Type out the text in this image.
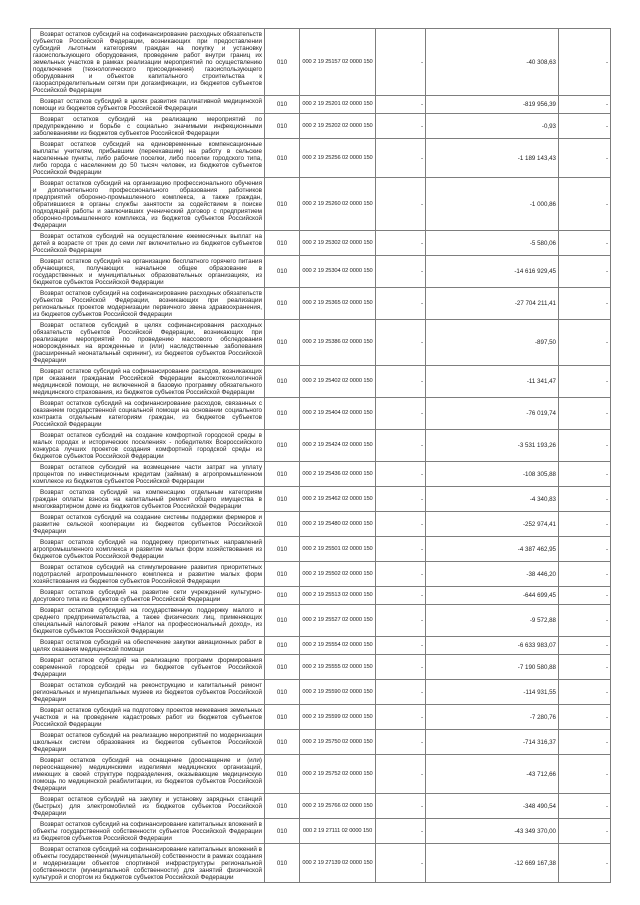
Возврат остатков субсидий на софинансирование расходных обязательств субъектов Российской Федерации, возникающих при предоставлении субсидий льготным категориям граждан на покупку и установку газоиспользующего оборудования, проведение работ внутри границ их земельных участков в рамках реализации мероприятий по осуществлению подключения (технологического присоединения) газоиспользующего оборудования и объектов капитального строительства к газораспределительным сетям при догазификации, из бюджетов субъектов Российской Федерации	010	000 2 19 25157 02 0000 150	-	-40 308,63	-
Возврат остатков субсидий в целях развития паллиативной медицинской помощи из бюджетов субъектов Российской Федерации	010	000 2 19 25201 02 0000 150	-	-819 956,39	-
Возврат остатков субсидий на реализацию мероприятий по предупреждению и борьбе с социально значимыми инфекционными заболеваниями из бюджетов субъектов Российской Федерации	010	000 2 19 25202 02 0000 150	-	-0,93	-
Возврат остатков субсидий на единовременные компенсационные выплаты учителям, прибывшим (переехавшим) на работу в сельские населенные пункты, либо рабочие поселки, либо поселки городского типа, либо города с населением до 50 тысяч человек, из бюджетов субъектов Российской Федерации	010	000 2 19 25256 02 0000 150	-	-1 189 143,43	-
Возврат остатков субсидий на организацию профессионального обучения и дополнительного профессионального образования работников предприятий оборонно-промышленного комплекса, а также граждан, обратившихся в органы службы занятости за содействием в поиске подходящей работы и заключивших ученический договор с предприятием оборонно-промышленного комплекса, из бюджетов субъектов Российской Федерации	010	000 2 19 25260 02 0000 150	-	-1 000,86	-
Возврат остатков субсидий на осуществление ежемесячных выплат на детей в возрасте от трех до семи лет включительно из бюджетов субъектов Российской Федерации	010	000 2 19 25302 02 0000 150	-	-5 580,06	-
Возврат остатков субсидий на организацию бесплатного горячего питания обучающихся, получающих начальное общее образование в государственных и муниципальных образовательных организациях, из бюджетов субъектов Российской Федерации	010	000 2 19 25304 02 0000 150	-	-14 616 929,45	-
Возврат остатков субсидий на софинансирование расходных обязательств субъектов Российской Федерации, возникающих при реализации региональных проектов модернизации первичного звена здравоохранения, из бюджетов субъектов Российской Федерации	010	000 2 19 25365 02 0000 150	-	-27 704 211,41	-
Возврат остатков субсидий в целях софинансирования расходных обязательств субъектов Российской Федерации, возникающих при реализации мероприятий по проведению массового обследования новорожденных на врожденные и (или) наследственные заболевания (расширенный неонатальный скрининг), из бюджетов субъектов Российской Федерации	010	000 2 19 25386 02 0000 150	-	-897,50	-
Возврат остатков субсидий на софинансирование расходов, возникающих при оказании гражданам Российской Федерации высокотехнологичной медицинской помощи, не включенной в базовую программу обязательного медицинского страхования, из бюджетов субъектов Российской Федерации	010	000 2 19 25402 02 0000 150	-	-11 341,47	-
Возврат остатков субсидий на софинансирование расходов, связанных с оказанием государственной социальной помощи на основании социального контракта отдельным категориям граждан, из бюджетов субъектов Российской Федерации	010	000 2 19 25404 02 0000 150	-	-76 019,74	-
Возврат остатков субсидий на создание комфортной городской среды в малых городах и исторических поселениях - победителях Всероссийского конкурса лучших проектов создания комфортной городской среды из бюджетов субъектов Российской Федерации	010	000 2 19 25424 02 0000 150	-	-3 531 193,26	-
Возврат остатков субсидий на возмещение части затрат на уплату процентов по инвестиционным кредитам (займам) в агропромышленном комплексе из бюджетов субъектов Российской Федерации	010	000 2 19 25436 02 0000 150	-	-108 305,88	-
Возврат остатков субсидий на компенсацию отдельным категориям граждан оплаты взноса на капитальный ремонт общего имущества в многоквартирном доме из бюджетов субъектов Российской Федерации	010	000 2 19 25462 02 0000 150	-	-4 340,83	-
Возврат остатков субсидий на создание системы поддержки фермеров и развитие сельской кооперации из бюджетов субъектов Российской Федерации	010	000 2 19 25480 02 0000 150	-	-252 974,41	-
Возврат остатков субсидий на поддержку приоритетных направлений агропромышленного комплекса и развитие малых форм хозяйствования из бюджетов субъектов Российской Федерации	010	000 2 19 25501 02 0000 150	-	-4 387 462,95	-
Возврат остатков субсидий на стимулирование развития приоритетных подотраслей агропромышленного комплекса и развитие малых форм хозяйствования из бюджетов субъектов Российской Федерации	010	000 2 19 25502 02 0000 150	-	-38 446,20	-
Возврат остатков субсидий на развитие сети учреждений культурно-досугового типа из бюджетов субъектов Российской Федерации	010	000 2 19 25513 02 0000 150	-	-644 699,45	-
Возврат остатков субсидий на государственную поддержку малого и среднего предпринимательства, а также физических лиц, применяющих специальный налоговый режим «Налог на профессиональный доход», из бюджетов субъектов Российской Федерации	010	000 2 19 25527 02 0000 150	-	-9 572,88	-
Возврат остатков субсидий на обеспечение закупки авиационных работ в целях оказания медицинской помощи	010	000 2 19 25554 02 0000 150	-	-6 633 983,07	-
Возврат остатков субсидий на реализацию программ формирования современной городской среды из бюджетов субъектов Российской Федерации	010	000 2 19 25555 02 0000 150	-	-7 190 580,88	-
Возврат остатков субсидий на реконструкцию и капитальный ремонт региональных и муниципальных музеев из бюджетов субъектов Российской Федерации	010	000 2 19 25590 02 0000 150	-	-114 931,55	-
Возврат остатков субсидий на подготовку проектов межевания земельных участков и на проведение кадастровых работ из бюджетов субъектов Российской Федерации	010	000 2 19 25599 02 0000 150	-	-7 280,76	-
Возврат остатков субсидий на реализацию мероприятий по модернизации школьных систем образования из бюджетов субъектов Российской Федерации	010	000 2 19 25750 02 0000 150	-	-714 316,37	-
Возврат остатков субсидий на оснащение (дооснащение и (или) переоснащение) медицинскими изделиями медицинских организаций, имеющих в своей структуре подразделения, оказывающие медицинскую помощь по медицинской реабилитации, из бюджетов субъектов Российской Федерации	010	000 2 19 25752 02 0000 150	-	-43 712,66	-
Возврат остатков субсидий на закупку и установку зарядных станций (быстрых) для электромобилей из бюджетов субъектов Российской Федерации	010	000 2 19 25766 02 0000 150	-	-348 490,54	-
Возврат остатков субсидий на софинансирование капитальных вложений в объекты государственной собственности субъектов Российской Федерации из бюджетов субъектов Российской Федерации	010	000 2 19 27111 02 0000 150	-	-43 349 370,00	-
Возврат остатков субсидий на софинансирование капитальных вложений в объекты государственной (муниципальной) собственности в рамках создания и модернизации объектов спортивной инфраструктуры региональной собственности (муниципальной собственности) для занятий физической культурой и спортом из бюджетов субъектов Российской Федерации	010	000 2 19 27139 02 0000 150	-	-12 669 167,38	-
